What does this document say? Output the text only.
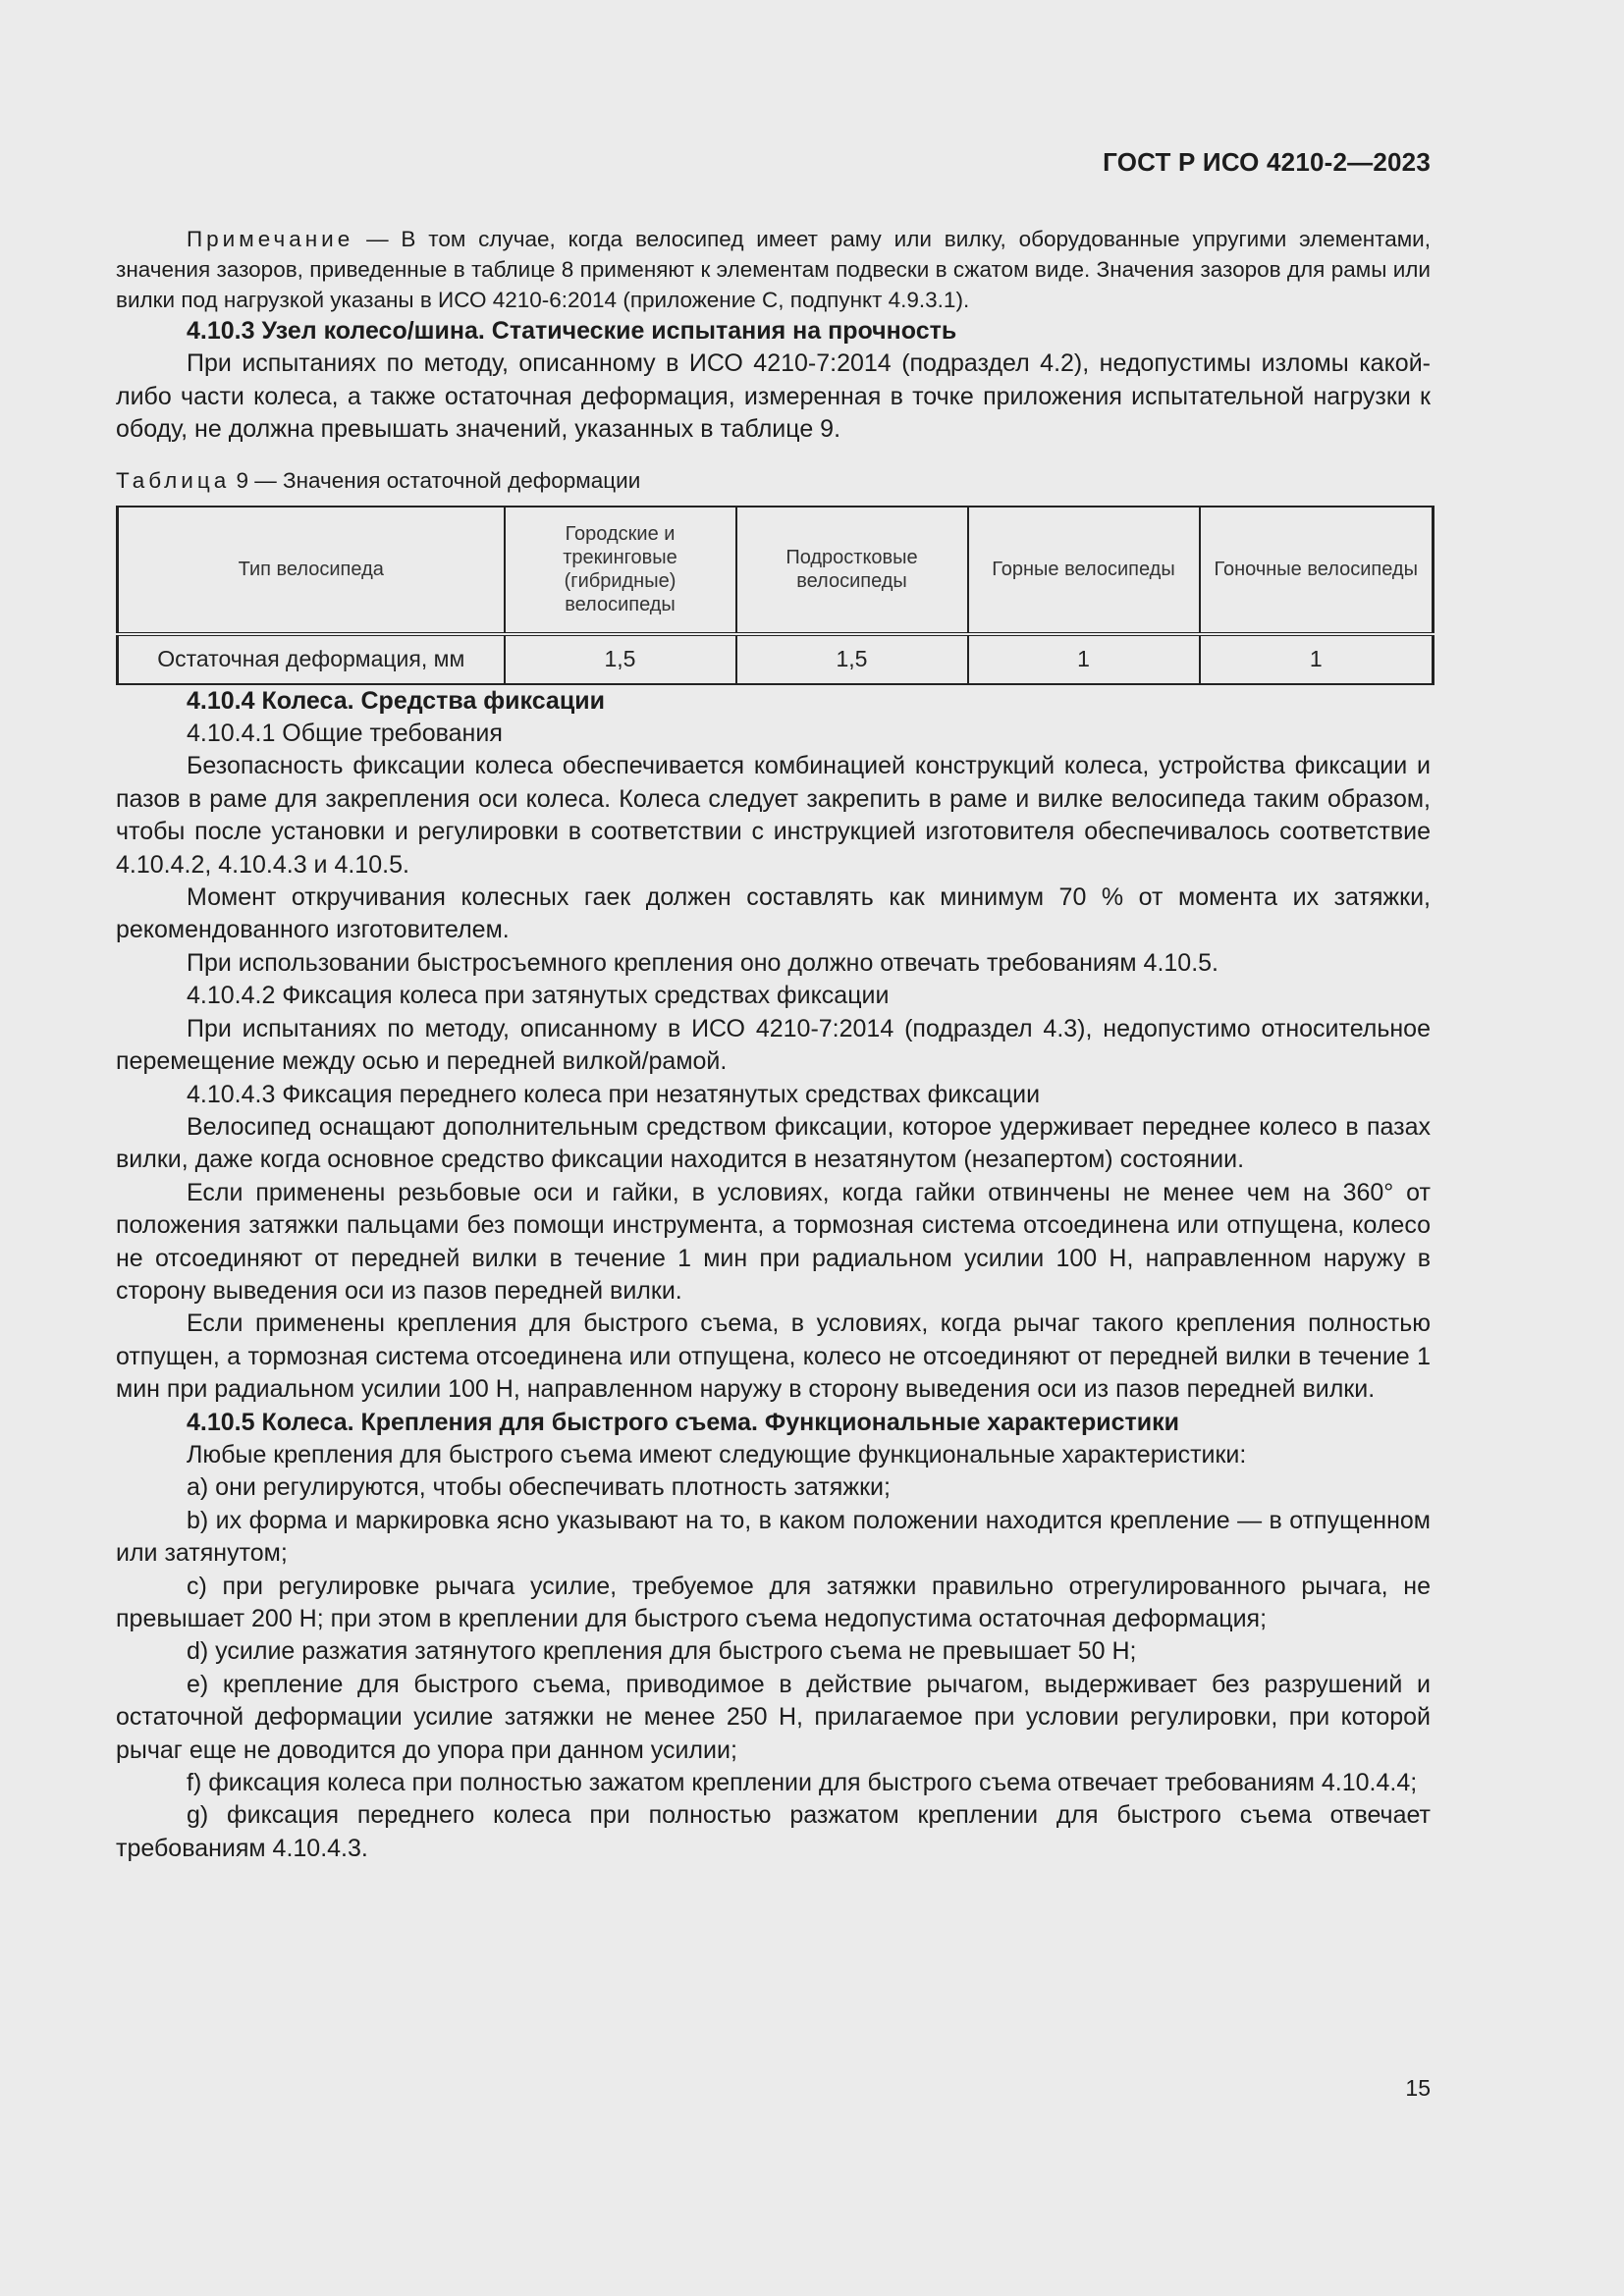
ГОСТ Р ИСО 4210-2—2023

Примечание — В том случае, когда велосипед имеет раму или вилку, оборудованные упругими элементами, значения зазоров, приведенные в таблице 8 применяют к элементам подвески в сжатом виде. Значения зазоров для рамы или вилки под нагрузкой указаны в ИСО 4210-6:2014 (приложение С, подпункт 4.9.3.1).

4.10.3 Узел колесо/шина. Статические испытания на прочность

При испытаниях по методу, описанному в ИСО 4210-7:2014 (подраздел 4.2), недопустимы изломы какой-либо части колеса, а также остаточная деформация, измеренная в точке приложения испытательной нагрузки к ободу, не должна превышать значений, указанных в таблице 9.

Таблица 9 — Значения остаточной деформации
Тип велосипеда	Городские и трекинговые (гибридные) велосипеды	Подростковые велосипеды	Горные велосипеды	Гоночные велосипеды
Остаточная деформация, мм	1,5	1,5	1	1

4.10.4 Колеса. Средства фиксации

4.10.4.1 Общие требования

Безопасность фиксации колеса обеспечивается комбинацией конструкций колеса, устройства фиксации и пазов в раме для закрепления оси колеса. Колеса следует закрепить в раме и вилке велосипеда таким образом, чтобы после установки и регулировки в соответствии с инструкцией изготовителя обеспечивалось соответствие 4.10.4.2, 4.10.4.3 и 4.10.5.

Момент откручивания колесных гаек должен составлять как минимум 70 % от момента их затяжки, рекомендованного изготовителем.

При использовании быстросъемного крепления оно должно отвечать требованиям 4.10.5.

4.10.4.2 Фиксация колеса при затянутых средствах фиксации

При испытаниях по методу, описанному в ИСО 4210-7:2014 (подраздел 4.3), недопустимо относительное перемещение между осью и передней вилкой/рамой.

4.10.4.3 Фиксация переднего колеса при незатянутых средствах фиксации

Велосипед оснащают дополнительным средством фиксации, которое удерживает переднее колесо в пазах вилки, даже когда основное средство фиксации находится в незатянутом (незапертом) состоянии.

Если применены резьбовые оси и гайки, в условиях, когда гайки отвинчены не менее чем на 360° от положения затяжки пальцами без помощи инструмента, а тормозная система отсоединена или отпущена, колесо не отсоединяют от передней вилки в течение 1 мин при радиальном усилии 100 Н, направленном наружу в сторону выведения оси из пазов передней вилки.

Если применены крепления для быстрого съема, в условиях, когда рычаг такого крепления полностью отпущен, а тормозная система отсоединена или отпущена, колесо не отсоединяют от передней вилки в течение 1 мин при радиальном усилии 100 Н, направленном наружу в сторону выведения оси из пазов передней вилки.

4.10.5 Колеса. Крепления для быстрого съема. Функциональные характеристики

Любые крепления для быстрого съема имеют следующие функциональные характеристики:

a) они регулируются, чтобы обеспечивать плотность затяжки;

b) их форма и маркировка ясно указывают на то, в каком положении находится крепление — в отпущенном или затянутом;

c) при регулировке рычага усилие, требуемое для затяжки правильно отрегулированного рычага, не превышает 200 Н; при этом в креплении для быстрого съема недопустима остаточная деформация;

d) усилие разжатия затянутого крепления для быстрого съема не превышает 50 Н;

e) крепление для быстрого съема, приводимое в действие рычагом, выдерживает без разрушений и остаточной деформации усилие затяжки не менее 250 Н, прилагаемое при условии регулировки, при которой рычаг еще не доводится до упора при данном усилии;

f) фиксация колеса при полностью зажатом креплении для быстрого съема отвечает требованиям 4.10.4.4;

g) фиксация переднего колеса при полностью разжатом креплении для быстрого съема отвечает требованиям 4.10.4.3.

15
